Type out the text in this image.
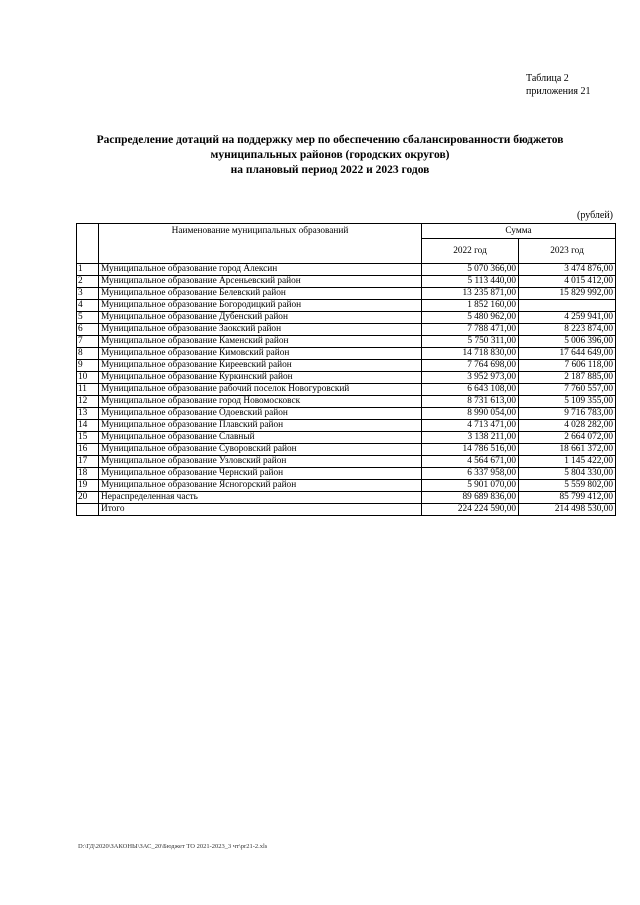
Таблица 2
приложения 21
Распределение дотаций на поддержку мер по обеспечению сбалансированности бюджетов
муниципальных районов (городских округов)
на плановый период 2022 и 2023 годов
(рублей)
	Наименование муниципальных образований	Сумма	
		2022 год	2023 год
1	Муниципальное образование город Алексин	5 070 366,00	3 474 876,00
2	Муниципальное образование Арсеньевский район	5 113 440,00	4 015 412,00
3	Муниципальное образование Белевский район	13 235 871,00	15 829 992,00
4	Муниципальное образование Богородицкий район	1 852 160,00	
5	Муниципальное образование Дубенский район	5 480 962,00	4 259 941,00
6	Муниципальное образование Заокский район	7 788 471,00	8 223 874,00
7	Муниципальное образование Каменский район	5 750 311,00	5 006 396,00
8	Муниципальное образование Кимовский район	14 718 830,00	17 644 649,00
9	Муниципальное образование Киреевский район	7 764 698,00	7 606 118,00
10	Муниципальное образование Куркинский район	3 952 973,00	2 187 885,00
11	Муниципальное образование рабочий поселок Новогуровский	6 643 108,00	7 760 557,00
12	Муниципальное образование город Новомосковск	8 731 613,00	5 109 355,00
13	Муниципальное образование Одоевский район	8 990 054,00	9 716 783,00
14	Муниципальное образование Плавский район	4 713 471,00	4 028 282,00
15	Муниципальное образование Славный	3 138 211,00	2 664 072,00
16	Муниципальное образование Суворовский район	14 786 516,00	18 661 372,00
17	Муниципальное образование Узловский район	4 564 671,00	1 145 422,00
18	Муниципальное образование Чернский район	6 337 958,00	5 804 330,00
19	Муниципальное образование Ясногорский район	5 901 070,00	5 559 802,00
20	Нераспределенная часть	89 689 836,00	85 799 412,00
	Итого	224 224 590,00	214 498 530,00
D:\ГД\2020\ЗАКОНЫ\ЗАС_20\Бюджет ТО 2021-2023_3 чт\pr21-2.xls
